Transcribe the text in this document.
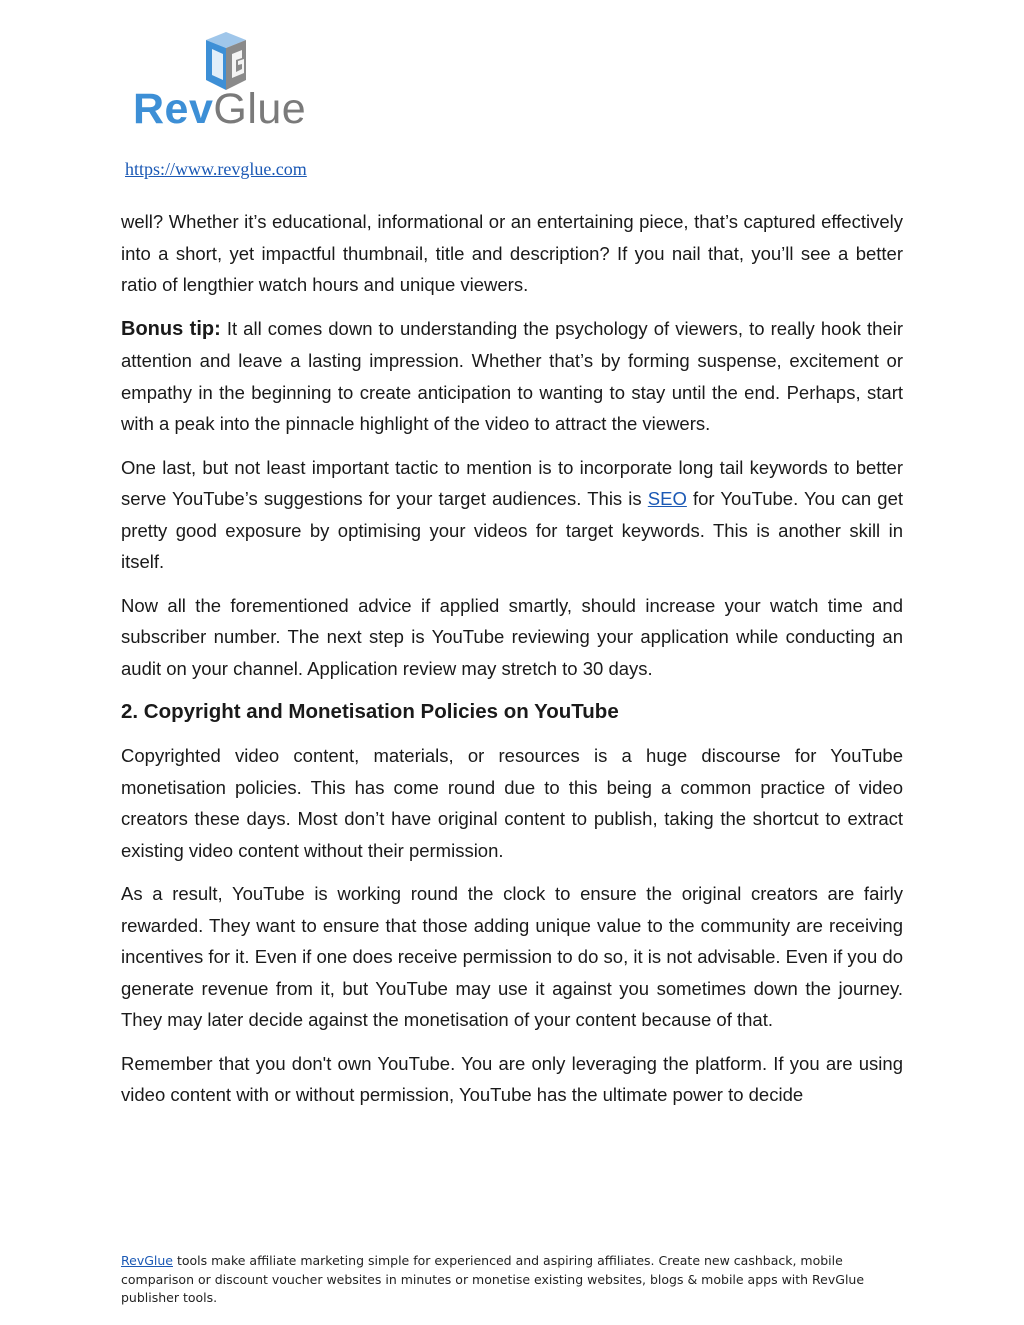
RevGlue
https://www.revglue.com

well? Whether it’s educational, informational or an entertaining piece, that’s captured effectively into a short, yet impactful thumbnail, title and description? If you nail that, you’ll see a better ratio of lengthier watch hours and unique viewers.

Bonus tip: It all comes down to understanding the psychology of viewers, to really hook their attention and leave a lasting impression. Whether that’s by forming suspense, excitement or empathy in the beginning to create anticipation to wanting to stay until the end. Perhaps, start with a peak into the pinnacle highlight of the video to attract the viewers.

One last, but not least important tactic to mention is to incorporate long tail keywords to better serve YouTube’s suggestions for your target audiences. This is SEO for YouTube. You can get pretty good exposure by optimising your videos for target keywords. This is another skill in itself.

Now all the forementioned advice if applied smartly, should increase your watch time and subscriber number. The next step is YouTube reviewing your application while conducting an audit on your channel. Application review may stretch to 30 days.

2. Copyright and Monetisation Policies on YouTube

Copyrighted video content, materials, or resources is a huge discourse for YouTube monetisation policies. This has come round due to this being a common practice of video creators these days. Most don’t have original content to publish, taking the shortcut to extract existing video content without their permission.

As a result, YouTube is working round the clock to ensure the original creators are fairly rewarded. They want to ensure that those adding unique value to the community are receiving incentives for it. Even if one does receive permission to do so, it is not advisable. Even if you do generate revenue from it, but YouTube may use it against you sometimes down the journey. They may later decide against the monetisation of your content because of that.

Remember that you don't own YouTube. You are only leveraging the platform. If you are using video content with or without permission, YouTube has the ultimate power to decide

RevGlue tools make affiliate marketing simple for experienced and aspiring affiliates. Create new cashback, mobile comparison or discount voucher websites in minutes or monetise existing websites, blogs & mobile apps with RevGlue publisher tools.
